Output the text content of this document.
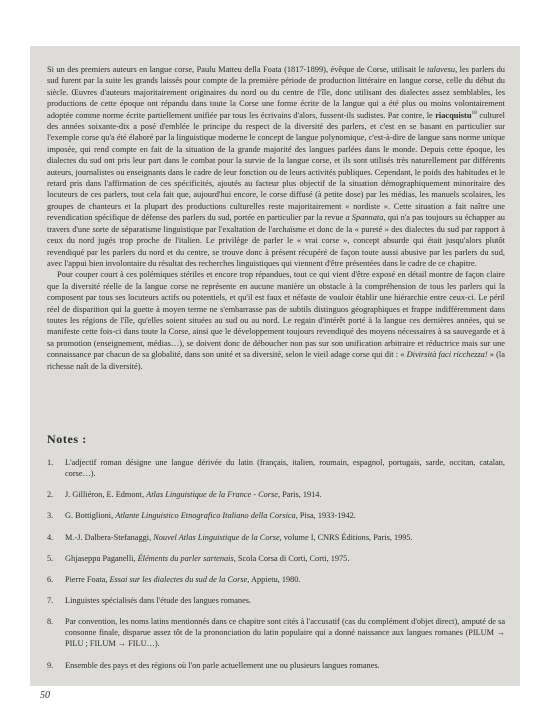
Si un des premiers auteurs en langue corse, Paulu Matteu della Foata (1817-1899), évêque de Corse, utilisait le talavesu, les parlers du sud furent par la suite les grands laissés pour compte de la première période de production littéraire en langue corse, celle du début du siècle. Œuvres d'auteurs majoritairement originaires du nord ou du centre de l'île, donc utilisant des dialectes assez semblables, les productions de cette époque ont répandu dans toute la Corse une forme écrite de la langue qui a été plus ou moins volontairement adoptée comme norme écrite partiellement unifiée par tous les écrivains d'alors, fussent-ils sudistes. Par contre, le riacquistu$^{18}$ culturel des années soixante-dix a posé d'emblée le principe du respect de la diversité des parlers, et c'est en se basant en particulier sur l'exemple corse qu'a été élaboré par la linguistique moderne le concept de langue polynomique, c'est-à-dire de langue sans norme unique imposée, qui rend compte en fait de la situation de la grande majorité des langues parlées dans le monde. Depuis cette époque, les dialectes du sud ont pris leur part dans le combat pour la survie de la langue corse, et ils sont utilisés très naturellement par différents auteurs, journalistes ou enseignants dans le cadre de leur fonction ou de leurs activités publiques. Cependant, le poids des habitudes et le retard pris dans l'affirmation de ces spécificités, ajoutés au facteur plus objectif de la situation démographiquement minoritaire des locuteurs de ces parlers, tout cela fait que, aujourd'hui encore, le corse diffusé (à petite dose) par les médias, les manuels scolaires, les groupes de chanteurs et la plupart des productions culturelles reste majoritairement « nordiste ». Cette situation a fait naître une revendication spécifique de défense des parlers du sud, portée en particulier par la revue a Spannata, qui n'a pas toujours su échapper au travers d'une sorte de séparatisme linguistique par l'exaltation de l'archaïsme et donc de la « pureté » des dialectes du sud par rapport à ceux du nord jugés trop proche de l'italien. Le privilège de parler le « vrai corse », concept absurde qui était jusqu'alors plutôt revendiqué par les parlers du nord et du centre, se trouve donc à présent récupéré de façon toute aussi abusive par les parlers du sud, avec l'appui bien involontaire du résultat des recherches linguistiques qui viennent d'être présentées dans le cadre de ce chapitre.

Pour couper court à ces polémiques stériles et encore trop répandues, tout ce qui vient d'être exposé en détail montre de façon claire que la diversité réelle de la langue corse ne représente en aucune manière un obstacle à la compréhension de tous les parlers qui la composent par tous ses locuteurs actifs ou potentiels, et qu'il est faux et néfaste de vouloir établir une hiérarchie entre ceux-ci. Le péril réel de disparition qui la guette à moyen terme ne s'embarrasse pas de subtils distinguos géographiques et frappe indifféremment dans toutes les régions de l'île, qu'elles soient situées au sud ou au nord. Le regain d'intérêt porté à la langue ces dernières années, qui se manifeste cette fois-ci dans toute la Corse, ainsi que le développement toujours revendiqué des moyens nécessaires à sa sauvegarde et à sa promotion (enseignement, médias…), se doivent donc de déboucher non pas sur son unification arbitraire et réductrice mais sur une connaissance par chacun de sa globalité, dans son unité et sa diversité, selon le vieil adage corse qui dit : « Divirsità faci ricchezza! » (la richesse naît de la diversité).

Notes :
1. L'adjectif roman désigne une langue dérivée du latin (français, italien, roumain, espagnol, portugais, sarde, occitan, catalan, corse…).
2. J. Gilliéron, E. Edmont, Atlas Linguistique de la France - Corse, Paris, 1914.
3. G. Bottiglioni, Atlante Linguistico Etnografico Italiano della Corsica, Pisa, 1933-1942.
4. M.-J. Dalbera-Stefanaggi, Nouvel Atlas Linguistique de la Corse, volume I, CNRS Éditions, Paris, 1995.
5. Ghjaseppu Paganelli, Éléments du parler sartenais, Scola Corsa di Corti, Corti, 1975.
6. Pierre Foata, Essai sur les dialectes du sud de la Corse, Appietu, 1980.
7. Linguistes spécialisés dans l'étude des langues romanes.
8. Par convention, les noms latins mentionnés dans ce chapitre sont cités à l'accusatif (cas du complément d'objet direct), amputé de sa consonne finale, disparue assez tôt de la prononciation du latin populaire qui a donné naissance aux langues romanes (PILUM → PILU ; FILUM → FILU…).
9. Ensemble des pays et des régions où l'on parle actuellement une ou plusieurs langues romanes.
50
